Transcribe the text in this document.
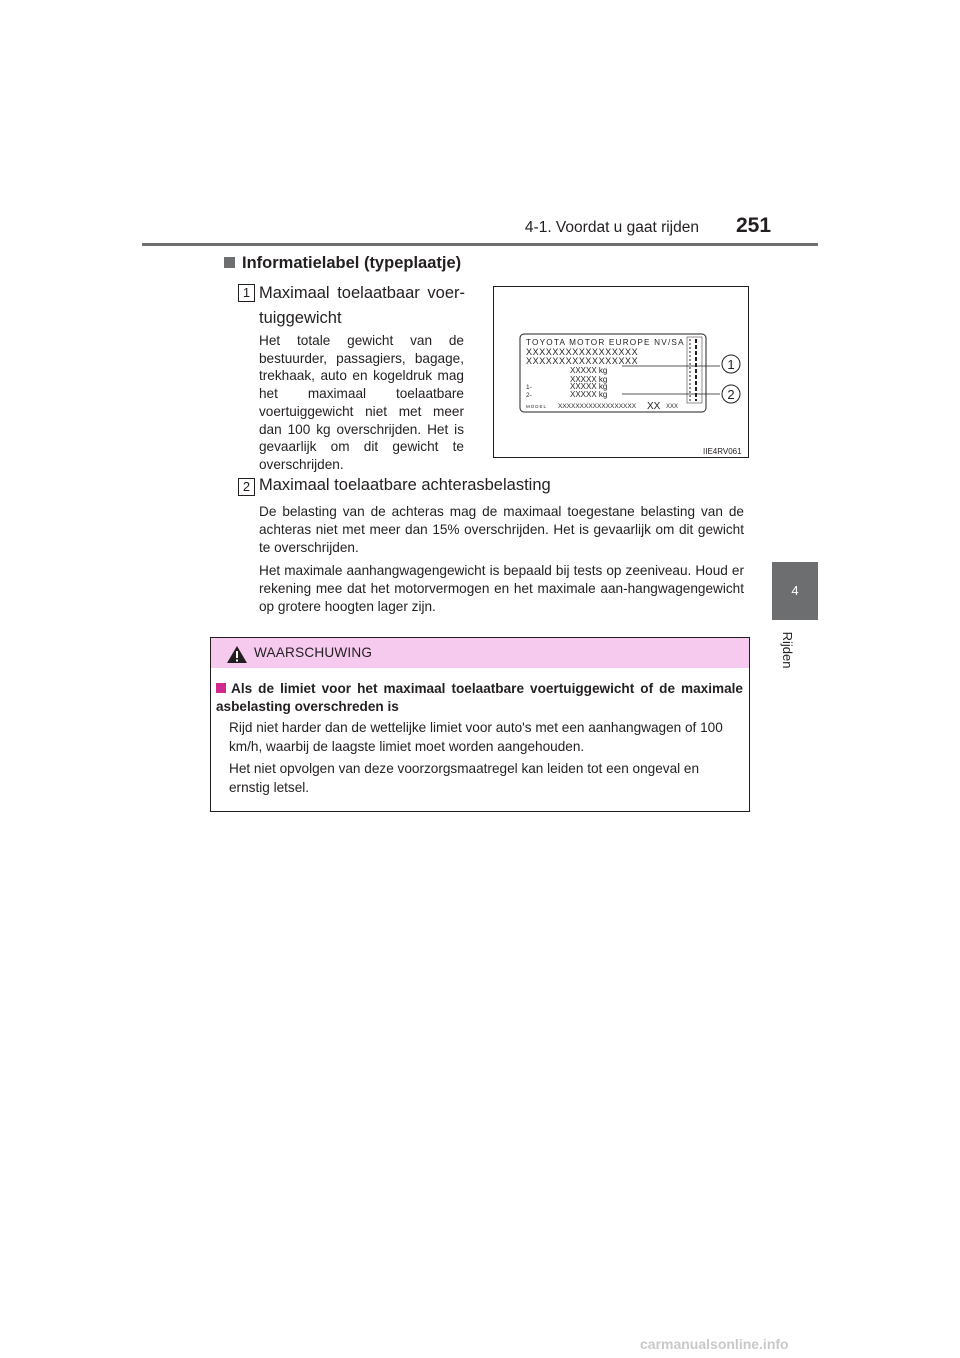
4-1. Voordat u gaat rijden 251
4
Rijden
Informatielabel (typeplaatje)
1 Maximaal toelaatbaar voer-tuiggewicht
Het totale gewicht van de bestuurder, passagiers, bagage, trekhaak, auto en kogeldruk mag het maximaal toelaatbare voertuiggewicht niet met meer dan 100 kg overschrijden. Het is gevaarlijk om dit gewicht te overschrijden.
TOYOTA MOTOR EUROPE NV/SA
XXXXXXXXXXXXXXXXX
XXXXXXXXXXXXXXXXX
XXXXX kg
XXXXX kg
1-	XXXXX kg
2-	XXXXX kg
MODEL XXXXXXXXXXXXXXXXXX XX XXX
1
2
IIE4RV061
2 Maximaal toelaatbare achterasbelasting
De belasting van de achteras mag de maximaal toegestane belasting van de achteras niet met meer dan 15% overschrijden. Het is gevaarlijk om dit gewicht te overschrijden.
Het maximale aanhangwagengewicht is bepaald bij tests op zeeniveau. Houd er rekening mee dat het motorvermogen en het maximale aan-hangwagengewicht op grotere hoogten lager zijn.
WAARSCHUWING
Als de limiet voor het maximaal toelaatbare voertuiggewicht of de maximale asbelasting overschreden is
Rijd niet harder dan de wettelijke limiet voor auto's met een aanhangwagen of 100 km/h, waarbij de laagste limiet moet worden aangehouden.
Het niet opvolgen van deze voorzorgsmaatregel kan leiden tot een ongeval en ernstig letsel.
carmanualsonline.info
